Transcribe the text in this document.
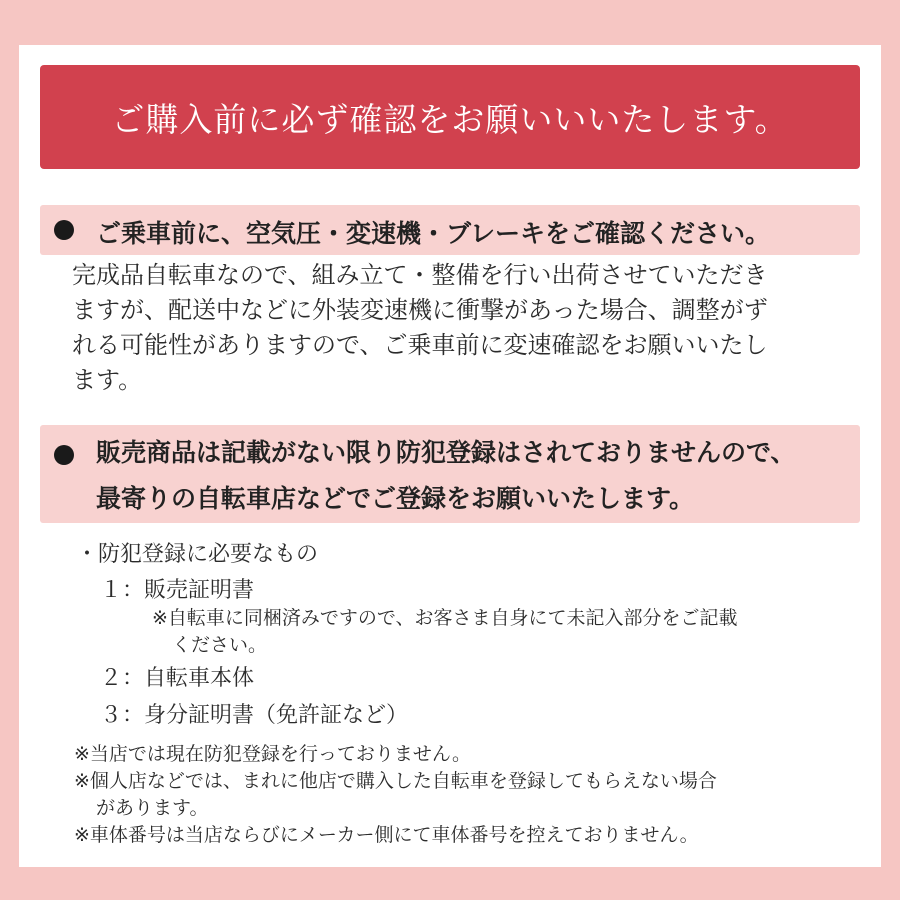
ご購入前に必ず確認をお願いいいたします。
ご乗車前に、空気圧・変速機・ブレーキをご確認ください。
完成品自転車なので、組み立て・整備を行い出荷させていただき
ますが、配送中などに外装変速機に衝撃があった場合、調整がず
れる可能性がありますので、ご乗車前に変速確認をお願いいたし
ます。
販売商品は記載がない限り防犯登録はされておりませんので、
最寄りの自転車店などでご登録をお願いいたします。
・防犯登録に必要なもの
１：販売証明書
※自転車に同梱済みですので、お客さま自身にて未記入部分をご記載
ください。
２：自転車本体
３：身分証明書（免許証など）
※当店では現在防犯登録を行っておりません。
※個人店などでは、まれに他店で購入した自転車を登録してもらえない場合
があります。
※車体番号は当店ならびにメーカー側にて車体番号を控えておりません。
